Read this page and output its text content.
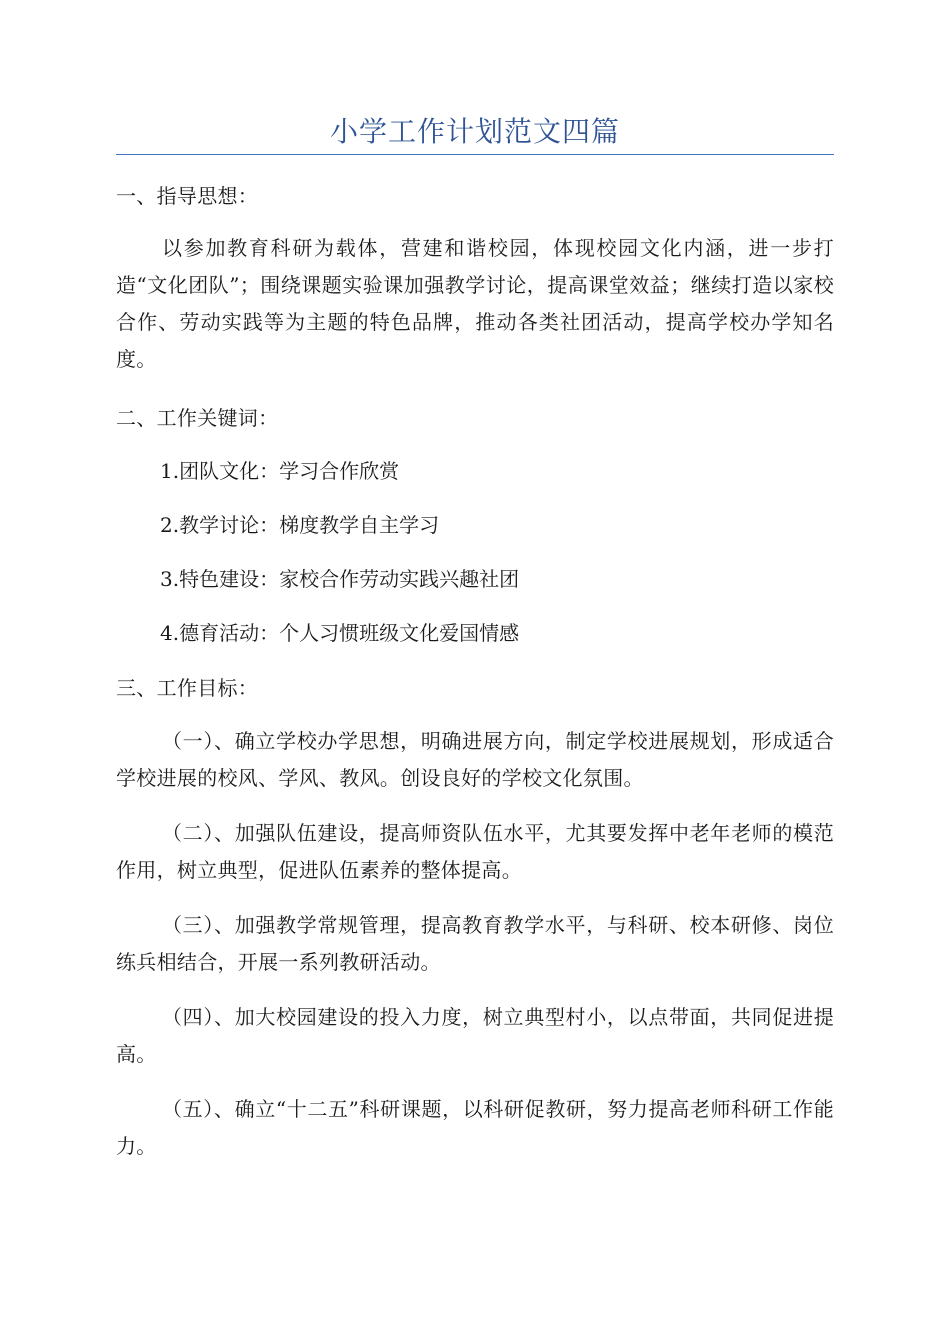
小学工作计划范文四篇

一、指导思想：

以参加教育科研为载体，营建和谐校园，体现校园文化内涵，进一步打造“文化团队”；围绕课题实验课加强教学讨论，提高课堂效益；继续打造以家校合作、劳动实践等为主题的特色品牌，推动各类社团活动，提高学校办学知名度。

二、工作关键词：

1.团队文化：学习合作欣赏

2.教学讨论：梯度教学自主学习

3.特色建设：家校合作劳动实践兴趣社团

4.德育活动：个人习惯班级文化爱国情感

三、工作目标：

（一）、确立学校办学思想，明确进展方向，制定学校进展规划，形成适合学校进展的校风、学风、教风。创设良好的学校文化氛围。

（二）、加强队伍建设，提高师资队伍水平，尤其要发挥中老年老师的模范作用，树立典型，促进队伍素养的整体提高。

（三）、加强教学常规管理，提高教育教学水平，与科研、校本研修、岗位练兵相结合，开展一系列教研活动。

（四）、加大校园建设的投入力度，树立典型村小，以点带面，共同促进提高。

（五）、确立“十二五”科研课题，以科研促教研，努力提高老师科研工作能力。
